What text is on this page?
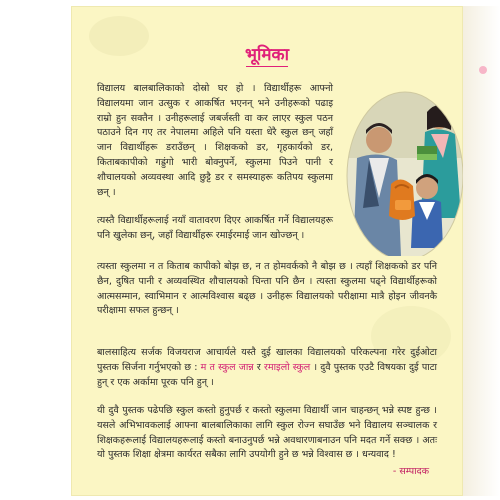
भूमिका

विद्यालय बालबालिकाको दोस्रो घर हो । विद्यार्थीहरू आफ्नो विद्यालयमा जान उत्सुक र आकर्षित भएनन् भने उनीहरूको पढाइ राम्रो हुन सक्तैन । उनीहरूलाई जबर्जस्ती वा कर लाएर स्कुल पठन पठाउने दिन गए तर नेपालमा अहिले पनि यस्ता धेरै स्कुल छन् जहाँ जान विद्यार्थीहरू डराउँछन् । शिक्षकको डर, गृहकार्यको डर, किताबकापीको गह्रुंगो भारी बोक्नुपर्ने, स्कुलमा पिउने पानी र शौचालयको अव्यवस्था आदि छुट्टै डर र समस्याहरू कतिपय स्कुलमा छन् ।

त्यस्तै विद्यार्थीहरूलाई नयाँ वातावरण दिएर आकर्षित गर्ने विद्यालयहरू पनि खुलेका छन्, जहाँ विद्यार्थीहरू रमाईरमाई जान खोज्छन् ।

त्यस्ता स्कुलमा न त किताब कापीको बोझ छ, न त होमवर्कको नै बोझ छ । त्यहाँ शिक्षकको डर पनि छैन, दुषित पानी र अव्यवस्थित शौचालयको चिन्ता पनि छैन । त्यस्ता स्कुलमा पढ्ने विद्यार्थीहरूको आत्मसम्मान, स्वाभिमान र आत्मविश्वास बढ्छ । उनीहरू विद्यालयको परीक्षामा मात्रै होइन जीवनकै परीक्षामा सफल हुन्छन् ।

बालसाहित्य सर्जक विजयराज आचार्यले यस्तै दुई खालका विद्यालयको परिकल्पना गरेर दुईओटा पुस्तक सिर्जना गर्नुभएको छ : म त स्कुल जान्न र रमाइलो स्कुल । दुवै पुस्तक एउटै विषयका दुई पाटा हुन् र एक अर्कामा पूरक पनि हुन् ।

यी दुवै पुस्तक पढेपछि स्कुल कस्तो हुनुपर्छ र कस्तो स्कुलमा विद्यार्थी जान चाहन्छन् भन्ने स्पष्ट हुन्छ । यसले अभिभावकलाई आफ्ना बालबालिकाका लागि स्कुल रोज्न सघाउँछ भने विद्यालय सञ्चालक र शिक्षकहरूलाई विद्यालयहरूलाई कस्तो बनाउनुपर्छ भन्ने अवधारणाबनाउन पनि मदत गर्ने सक्छ । अतः यो पुस्तक शिक्षा क्षेत्रमा कार्यरत सबैका लागि उपयोगी हुने छ भन्ने विश्वास छ । धन्यवाद !

- सम्पादक
